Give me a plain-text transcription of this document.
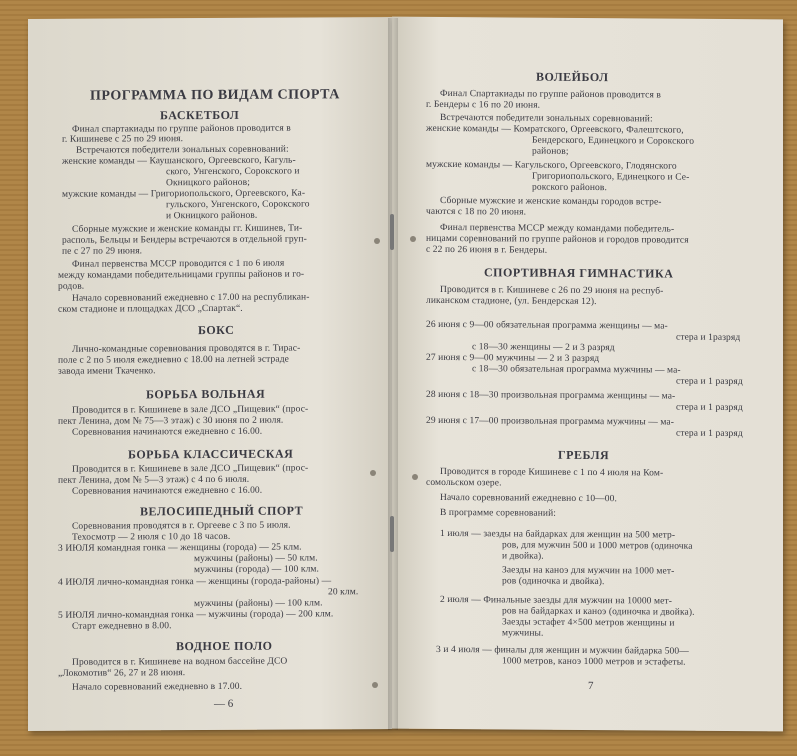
ПРОГРАММА ПО ВИДАМ СПОРТА
БАСКЕТБОЛ
Финал спартакиады по группе районов проводится в
г. Кишиневе с 25 по 29 июня.
Встречаются победители зональных соревнований:
женские команды — Каушанского, Оргеевского, Кагуль-
ского, Унгенского, Сорокского и
Окницкого районов;
мужские команды — Григориопольского, Оргеевского, Ка-
гульского, Унгенского, Сорокского
и Окницкого районов.
Сборные мужские и женские команды гг. Кишинев, Ти-
располь, Бельцы и Бендеры встречаются в отдельной груп-
пе с 27 по 29 июня.
Финал первенства МССР проводится с 1 по 6 июля
между командами победительницами группы районов и го-
родов.
Начало соревнований ежедневно с 17.00 на республикан-
ском стадионе и площадках ДСО „Спартак“.
БОКС
Лично-командные соревнования проводятся в г. Тирас-
поле с 2 по 5 июля ежедневно с 18.00 на летней эстраде
завода имени Ткаченко.
БОРЬБА ВОЛЬНАЯ
Проводится в г. Кишиневе в зале ДСО „Пищевик“ (прос-
пект Ленина, дом № 75—3 этаж) с 30 июня по 2 июля.
Соревнования начинаются ежедневно с 16.00.
БОРЬБА КЛАССИЧЕСКАЯ
Проводится в г. Кишиневе в зале ДСО „Пищевик“ (прос-
пект Ленина, дом № 5—3 этаж) с 4 по 6 июля.
Соревнования начинаются ежедневно с 16.00.
ВЕЛОСИПЕДНЫЙ СПОРТ
Соревнования проводятся в г. Оргееве с 3 по 5 июля.
Техосмотр — 2 июля с 10 до 18 часов.
3 ИЮЛЯ командная гонка — женщины (города) — 25 клм.
мужчины (районы) — 50 клм.
мужчины (города) — 100 клм.
4 ИЮЛЯ лично-командная гонка — женщины (города-районы) —
20 клм.
мужчины (районы) — 100 клм.
5 ИЮЛЯ лично-командная гонка — мужчины (города) — 200 клм.
Старт ежедневно в 8.00.
ВОДНОЕ ПОЛО
Проводится в г. Кишиневе на водном бассейне ДСО
„Локомотив“ 26, 27 и 28 июня.
Начало соревнований ежедневно в 17.00.
— 6
ВОЛЕЙБОЛ
Финал Спартакиады по группе районов проводится в
г. Бендеры с 16 по 20 июня.
Встречаются победители зональных соревнований:
женские команды — Комратского, Оргеевского, Фалештского,
Бендерского, Единецкого и Сорокского
районов;
мужские команды — Кагульского, Оргеевского, Глодянского
Григориопольского, Единецкого и Се-
рокского районов.
Сборные мужские и женские команды городов встре-
чаются с 18 по 20 июня.
Финал первенства МССР между командами победитель-
ницами соревнований по группе районов и городов проводится
с 22 по 26 июня в г. Бендеры.
СПОРТИВНАЯ ГИМНАСТИКА
Проводится в г. Кишиневе с 26 по 29 июня на респуб-
ликанском стадионе, (ул. Бендерская 12).
26 июня с 9—00 обязательная программа женщины — ма-
стера и 1разряд
с 18—30 женщины — 2 и 3 разряд
27 июня с 9—00 мужчины — 2 и 3 разряд
с 18—30 обязательная программа мужчины — ма-
стера и 1 разряд
28 июня с 18—30 произвольная программа женщины — ма-
стера и 1 разряд
29 июня с 17—00 произвольная программа мужчины — ма-
стера и 1 разряд
ГРЕБЛЯ
Проводится в городе Кишиневе с 1 по 4 июля на Ком-
сомольском озере.
Начало соревнований ежедневно с 10—00.
В программе соревнований:
1 июля — заезды на байдарках для женщин на 500 метр-
ров, для мужчин 500 и 1000 метров (одиночка
и двойка).
Заезды на каноэ для мужчин на 1000 мет-
ров (одиночка и двойка).
2 июля — Финальные заезды для мужчин на 10000 мет-
ров на байдарках и каноэ (одиночка и двойка).
Заезды эстафет 4×500 метров женщины и
мужчины.
3 и 4 июля — финалы для женщин и мужчин байдарка 500—
1000 метров, каноэ 1000 метров и эстафеты.
7
